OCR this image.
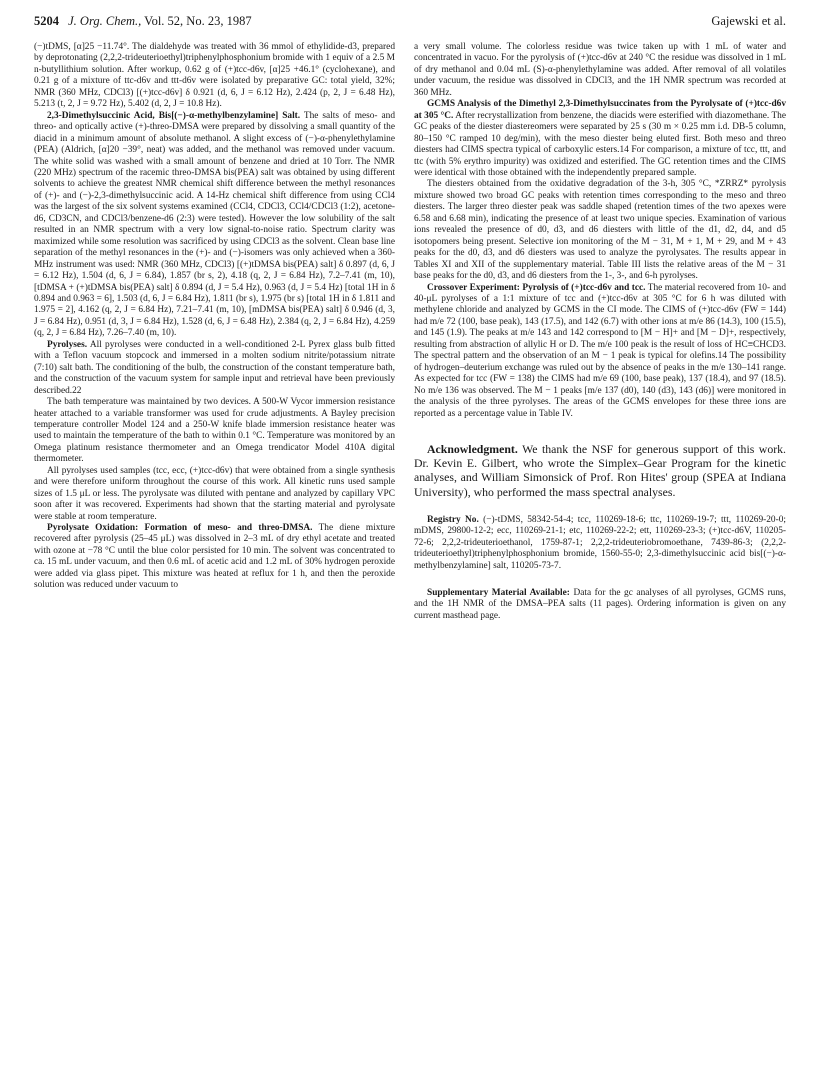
5204 J. Org. Chem., Vol. 52, No. 23, 1987	Gajewski et al.

(−)tDMS, [α]25 −11.74°. The dialdehyde was treated with 36 mmol of ethylidide-d3, prepared by deprotonating (2,2,2-trideuterioethyl)triphenylphosphonium bromide with 1 equiv of a 2.5 M n-butyllithium solution. After workup, 0.62 g of (+)tcc-d6v, [α]25 +46.1° (cyclohexane), and 0.21 g of a mixture of ttc-d6v and ttt-d6v were isolated by preparative GC: total yield, 32%; NMR (360 MHz, CDCl3) [(+)tcc-d6v] δ 0.921 (d, 6, J = 6.12 Hz), 2.424 (p, 2, J = 6.48 Hz), 5.213 (t, 2, J = 9.72 Hz), 5.402 (d, 2, J = 10.8 Hz).

2,3-Dimethylsuccinic Acid, Bis[(−)-α-methylbenzylamine] Salt. The salts of meso- and threo- and optically active (+)-threo-DMSA were prepared by dissolving a small quantity of the diacid in a minimum amount of absolute methanol. A slight excess of (−)-α-phenylethylamine (PEA) (Aldrich, [α]20 −39°, neat) was added, and the methanol was removed under vacuum. The white solid was washed with a small amount of benzene and dried at 10 Torr. The NMR (220 MHz) spectrum of the racemic threo-DMSA bis(PEA) salt was obtained by using different solvents to achieve the greatest NMR chemical shift difference between the methyl resonances of (+)- and (−)-2,3-dimethylsuccinic acid. A 14-Hz chemical shift difference from using CCl4 was the largest of the six solvent systems examined (CCl4, CDCl3, CCl4/CDCl3 (1:2), acetone-d6, CD3CN, and CDCl3/benzene-d6 (2:3) were tested). However the low solubility of the salt resulted in an NMR spectrum with a very low signal-to-noise ratio. Spectrum clarity was maximized while some resolution was sacrificed by using CDCl3 as the solvent. Clean base line separation of the methyl resonances in the (+)- and (−)-isomers was only achieved when a 360-MHz instrument was used: NMR (360 MHz, CDCl3) [(+)tDMSA bis(PEA) salt] δ 0.897 (d, 6, J = 6.12 Hz), 1.504 (d, 6, J = 6.84), 1.857 (br s, 2), 4.18 (q, 2, J = 6.84 Hz), 7.2–7.41 (m, 10), [tDMSA + (+)tDMSA bis(PEA) salt] δ 0.894 (d, J = 5.4 Hz), 0.963 (d, J = 5.4 Hz) [total 1H in δ 0.894 and 0.963 = 6], 1.503 (d, 6, J = 6.84 Hz), 1.811 (br s), 1.975 (br s) [total 1H in δ 1.811 and 1.975 = 2], 4.162 (q, 2, J = 6.84 Hz), 7.21–7.41 (m, 10), [mDMSA bis(PEA) salt] δ 0.946 (d, 3, J = 6.84 Hz), 0.951 (d, 3, J = 6.84 Hz), 1.528 (d, 6, J = 6.48 Hz), 2.384 (q, 2, J = 6.84 Hz), 4.259 (q, 2, J = 6.84 Hz), 7.26–7.40 (m, 10).

Pyrolyses. All pyrolyses were conducted in a well-conditioned 2-L Pyrex glass bulb fitted with a Teflon vacuum stopcock and immersed in a molten sodium nitrite/potassium nitrate (7:10) salt bath. The conditioning of the bulb, the construction of the constant temperature bath, and the construction of the vacuum system for sample input and retrieval have been previously described.22

The bath temperature was maintained by two devices. A 500-W Vycor immersion resistance heater attached to a variable transformer was used for crude adjustments. A Bayley precision temperature controller Model 124 and a 250-W knife blade immersion resistance heater was used to maintain the temperature of the bath to within 0.1 °C. Temperature was monitored by an Omega platinum resistance thermometer and an Omega trendicator Model 410A digital thermometer.

All pyrolyses used samples (tcc, ecc, (+)tcc-d6v) that were obtained from a single synthesis and were therefore uniform throughout the course of this work. All kinetic runs used sample sizes of 1.5 μL or less. The pyrolysate was diluted with pentane and analyzed by capillary VPC soon after it was recovered. Experiments had shown that the starting material and pyrolysate were stable at room temperature.

Pyrolysate Oxidation: Formation of meso- and threo-DMSA. The diene mixture recovered after pyrolysis (25–45 μL) was dissolved in 2–3 mL of dry ethyl acetate and treated with ozone at −78 °C until the blue color persisted for 10 min. The solvent was concentrated to ca. 15 mL under vacuum, and then 0.6 mL of acetic acid and 1.2 mL of 30% hydrogen peroxide were added via glass pipet. This mixture was heated at reflux for 1 h, and then the peroxide solution was reduced under vacuum to

a very small volume. The colorless residue was twice taken up with 1 mL of water and concentrated in vacuo. For the pyrolysis of (+)tcc-d6v at 240 °C the residue was dissolved in 1 mL of dry methanol and 0.04 mL (S)-α-phenylethylamine was added. After removal of all volatiles under vacuum, the residue was dissolved in CDCl3, and the 1H NMR spectrum was recorded at 360 MHz.

GCMS Analysis of the Dimethyl 2,3-Dimethylsuccinates from the Pyrolysate of (+)tcc-d6v at 305 °C. After recrystallization from benzene, the diacids were esterified with diazomethane. The GC peaks of the diester diastereomers were separated by 25 s (30 m × 0.25 mm i.d. DB-5 column, 80–150 °C ramped 10 deg/min), with the meso diester being eluted first. Both meso and threo diesters had CIMS spectra typical of carboxylic esters.14 For comparison, a mixture of tcc, ttt, and ttc (with 5% erythro impurity) was oxidized and esterified. The GC retention times and the CIMS were identical with those obtained with the independently prepared sample.

The diesters obtained from the oxidative degradation of the 3-h, 305 °C, *ZRRZ* pyrolysis mixture showed two broad GC peaks with retention times corresponding to the meso and threo diesters. The larger threo diester peak was saddle shaped (retention times of the two apexes were 6.58 and 6.68 min), indicating the presence of at least two unique species. Examination of various ions revealed the presence of d0, d3, and d6 diesters with little of the d1, d2, d4, and d5 isotopomers being present. Selective ion monitoring of the M − 31, M + 1, M + 29, and M + 43 peaks for the d0, d3, and d6 diesters was used to analyze the pyrolysates. The results appear in Tables XI and XII of the supplementary material. Table III lists the relative areas of the M − 31 base peaks for the d0, d3, and d6 diesters from the 1-, 3-, and 6-h pyrolyses.

Crossover Experiment: Pyrolysis of (+)tcc-d6v and tcc. The material recovered from 10- and 40-μL pyrolyses of a 1:1 mixture of tcc and (+)tcc-d6v at 305 °C for 6 h was diluted with methylene chloride and analyzed by GCMS in the CI mode. The CIMS of (+)tcc-d6v (FW = 144) had m/e 72 (100, base peak), 143 (17.5), and 142 (6.7) with other ions at m/e 86 (14.3), 100 (15.5), and 145 (1.9). The peaks at m/e 143 and 142 correspond to [M − H]+ and [M − D]+, respectively, resulting from abstraction of allylic H or D. The m/e 100 peak is the result of loss of HC≡CHCD3. The spectral pattern and the observation of an M − 1 peak is typical for olefins.14 The possibility of hydrogen–deuterium exchange was ruled out by the absence of peaks in the m/e 130–141 range. As expected for tcc (FW = 138) the CIMS had m/e 69 (100, base peak), 137 (18.4), and 97 (18.5). No m/e 136 was observed. The M − 1 peaks [m/e 137 (d0), 140 (d3), 143 (d6)] were monitored in the analysis of the three pyrolyses. The areas of the GCMS envelopes for these three ions are reported as a percentage value in Table IV.

Acknowledgment. We thank the NSF for generous support of this work. Dr. Kevin E. Gilbert, who wrote the Simplex–Gear Program for the kinetic analyses, and William Simonsick of Prof. Ron Hites' group (SPEA at Indiana University), who performed the mass spectral analyses.

Registry No. (−)-tDMS, 58342-54-4; tcc, 110269-18-6; ttc, 110269-19-7; ttt, 110269-20-0; mDMS, 29800-12-2; ecc, 110269-21-1; etc, 110269-22-2; ett, 110269-23-3; (+)tcc-d6V, 110205-72-6; 2,2,2-trideuterioethanol, 1759-87-1; 2,2,2-trideuteriobromoethane, 7439-86-3; (2,2,2-trideuterioethyl)triphenylphosphonium bromide, 1560-55-0; 2,3-dimethylsuccinic acid bis[(−)-α-methylbenzylamine] salt, 110205-73-7.

Supplementary Material Available: Data for the gc analyses of all pyrolyses, GCMS runs, and the 1H NMR of the DMSA–PEA salts (11 pages). Ordering information is given on any current masthead page.
